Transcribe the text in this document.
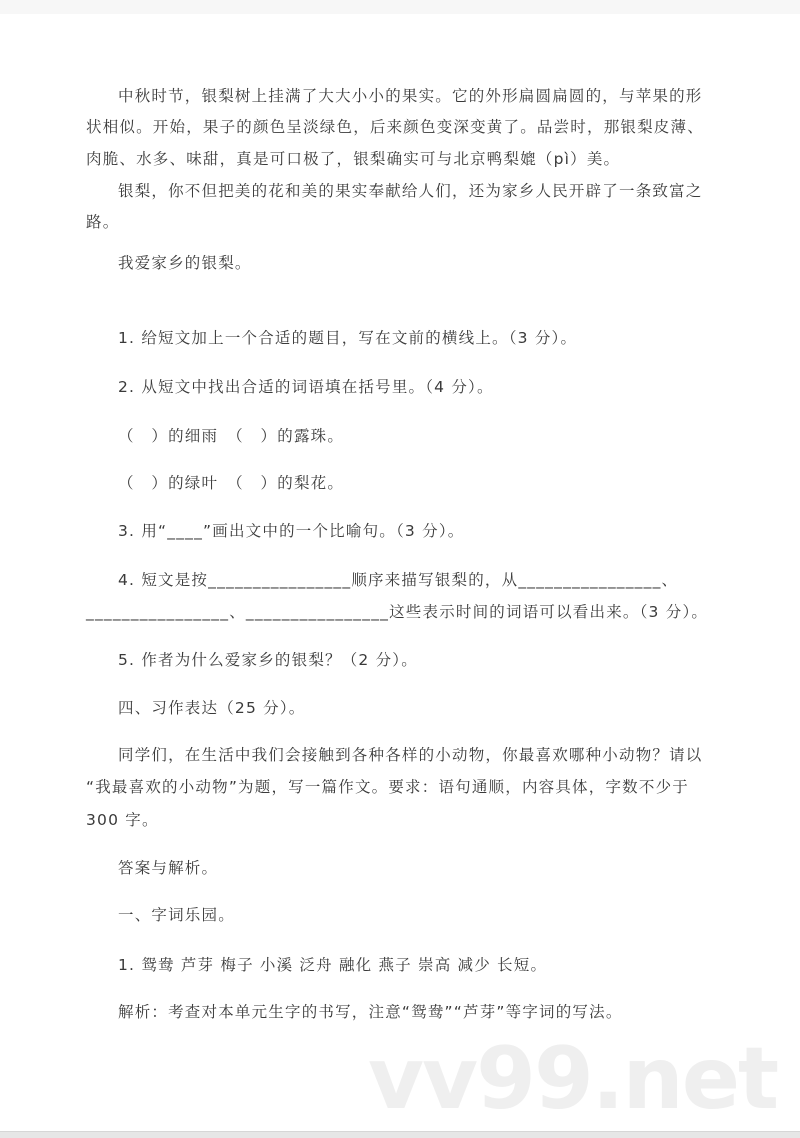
中秋时节，银梨树上挂满了大大小小的果实。它的外形扁圆扁圆的，与苹果的形
状相似。开始，果子的颜色呈淡绿色，后来颜色变深变黄了。品尝时，那银梨皮薄、
肉脆、水多、味甜，真是可口极了，银梨确实可与北京鸭梨媲（pì）美。
银梨，你不但把美的花和美的果实奉献给人们，还为家乡人民开辟了一条致富之
路。
我爱家乡的银梨。
1. 给短文加上一个合适的题目，写在文前的横线上。（3 分）。
2. 从短文中找出合适的词语填在括号里。（4 分）。
（　）的细雨　（　）的露珠。
（　）的绿叶　（　）的梨花。
3. 用“____”画出文中的一个比喻句。（3 分）。
4. 短文是按________________顺序来描写银梨的，从________________、
________________、________________这些表示时间的词语可以看出来。（3 分）。
5. 作者为什么爱家乡的银梨？（2 分）。
四、习作表达（25 分）。
同学们，在生活中我们会接触到各种各样的小动物，你最喜欢哪种小动物？请以
“我最喜欢的小动物”为题，写一篇作文。要求：语句通顺，内容具体，字数不少于
300 字。
答案与解析。
一、字词乐园。
1. 鸳鸯 芦芽 梅子 小溪 泛舟 融化 燕子 崇高 减少 长短。
解析：考查对本单元生字的书写，注意“鸳鸯”“芦芽”等字词的写法。
vv99.net
